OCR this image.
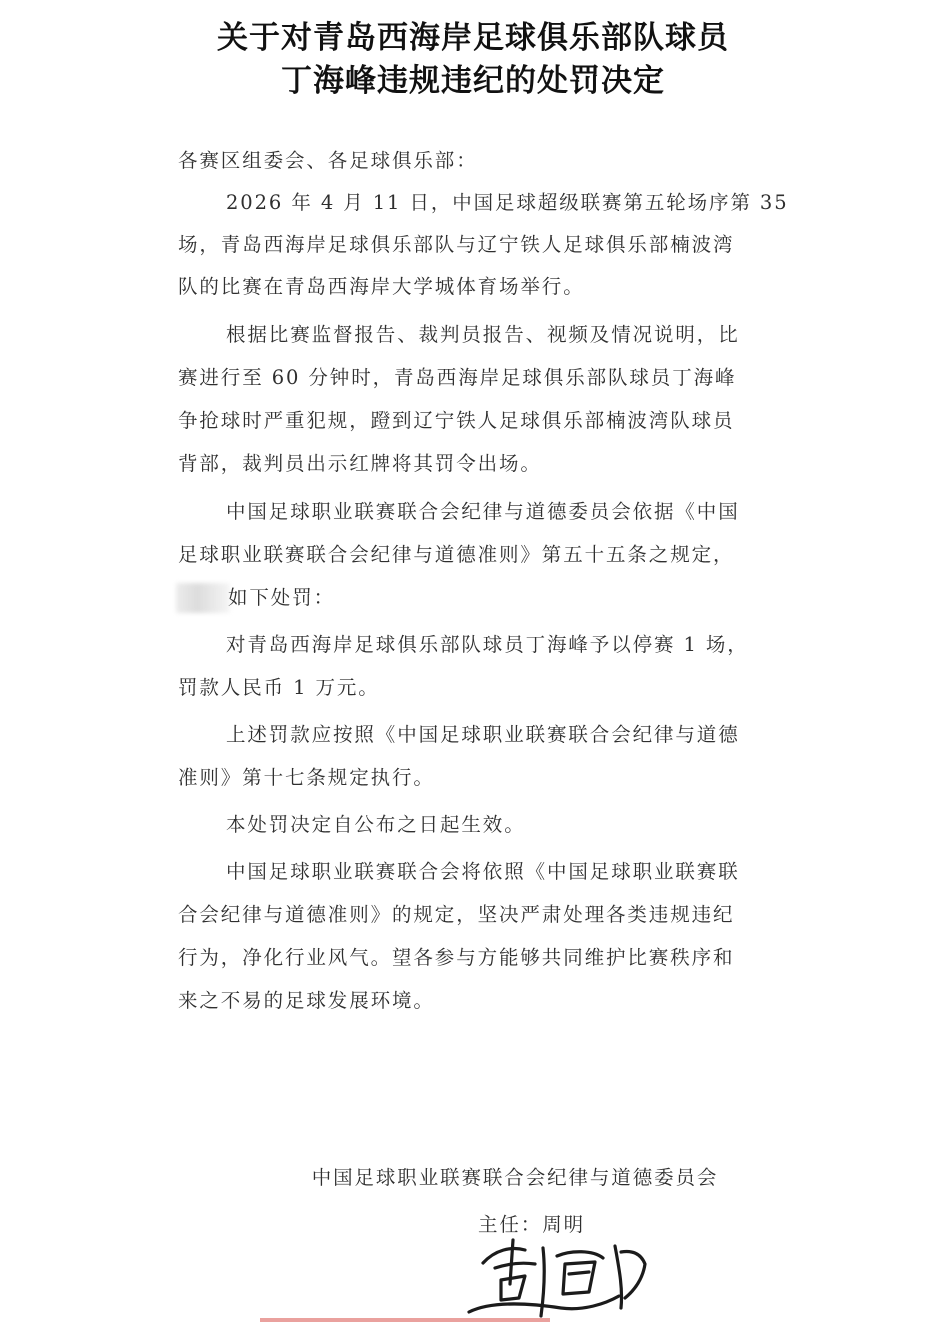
关于对青岛西海岸足球俱乐部队球员
丁海峰违规违纪的处罚决定

各赛区组委会、各足球俱乐部：

2026 年 4 月 11 日，中国足球超级联赛第五轮场序第 35

场，青岛西海岸足球俱乐部队与辽宁铁人足球俱乐部楠波湾

队的比赛在青岛西海岸大学城体育场举行。

根据比赛监督报告、裁判员报告、视频及情况说明，比

赛进行至 60 分钟时，青岛西海岸足球俱乐部队球员丁海峰

争抢球时严重犯规，蹬到辽宁铁人足球俱乐部楠波湾队球员

背部，裁判员出示红牌将其罚令出场。

中国足球职业联赛联合会纪律与道德委员会依据《中国

足球职业联赛联合会纪律与道德准则》第五十五条之规定，

如下处罚：

对青岛西海岸足球俱乐部队球员丁海峰予以停赛 1 场，

罚款人民币 1 万元。

上述罚款应按照《中国足球职业联赛联合会纪律与道德

准则》第十七条规定执行。

本处罚决定自公布之日起生效。

中国足球职业联赛联合会将依照《中国足球职业联赛联

合会纪律与道德准则》的规定，坚决严肃处理各类违规违纪

行为，净化行业风气。望各参与方能够共同维护比赛秩序和

来之不易的足球发展环境。

中国足球职业联赛联合会纪律与道德委员会

主任：周明
